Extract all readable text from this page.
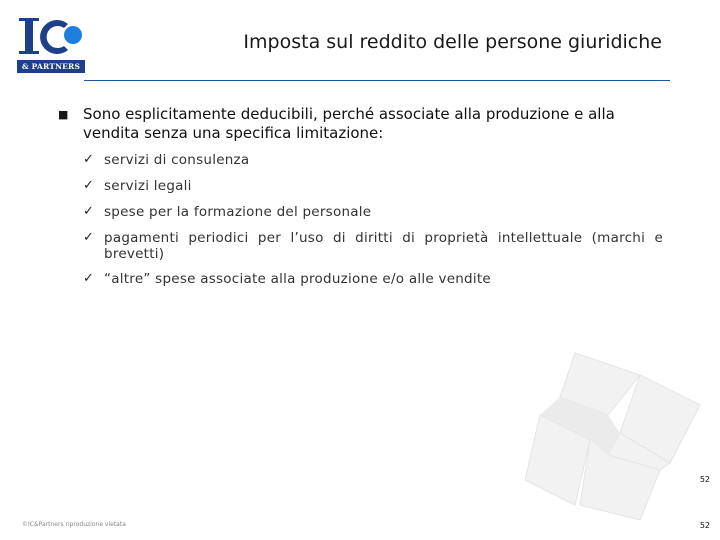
& PARTNERS
Imposta sul reddito delle persone giuridiche
■ Sono esplicitamente deducibili, perché associate alla produzione e alla vendita senza una specifica limitazione:
✓ servizi di consulenza
✓ servizi legali
✓ spese per la formazione del personale
✓ pagamenti periodici per l’uso di diritti di proprietà intellettuale (marchi e brevetti)
✓ “altre” spese associate alla produzione e/o alle vendite
52
©IC&Partners riproduzione vietata	52
